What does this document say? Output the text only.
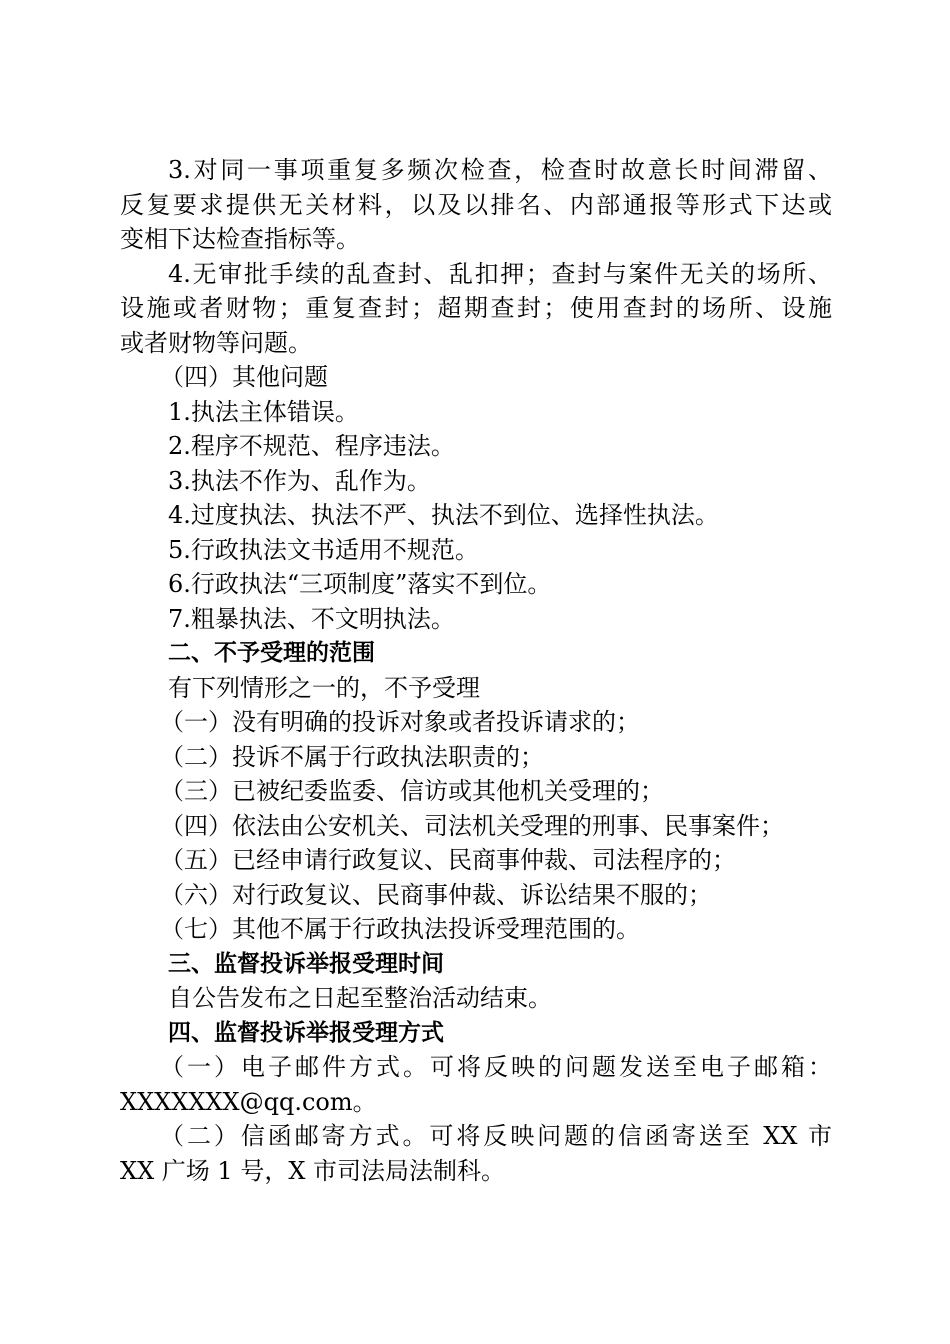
3.对同一事项重复多频次检查，检查时故意长时间滞留、
反复要求提供无关材料，以及以排名、内部通报等形式下达或
变相下达检查指标等。
4.无审批手续的乱查封、乱扣押；查封与案件无关的场所、
设施或者财物；重复查封；超期查封；使用查封的场所、设施
或者财物等问题。
（四）其他问题
1.执法主体错误。
2.程序不规范、程序违法。
3.执法不作为、乱作为。
4.过度执法、执法不严、执法不到位、选择性执法。
5.行政执法文书适用不规范。
6.行政执法“三项制度”落实不到位。
7.粗暴执法、不文明执法。
二、不予受理的范围
有下列情形之一的，不予受理
（一）没有明确的投诉对象或者投诉请求的；
（二）投诉不属于行政执法职责的；
（三）已被纪委监委、信访或其他机关受理的；
（四）依法由公安机关、司法机关受理的刑事、民事案件；
（五）已经申请行政复议、民商事仲裁、司法程序的；
（六）对行政复议、民商事仲裁、诉讼结果不服的；
（七）其他不属于行政执法投诉受理范围的。
三、监督投诉举报受理时间
自公告发布之日起至整治活动结束。
四、监督投诉举报受理方式
（一）电子邮件方式。可将反映的问题发送至电子邮箱：
XXXXXXX@qq.com。
（二）信函邮寄方式。可将反映问题的信函寄送至 XX 市
XX 广场 1 号，X 市司法局法制科。
